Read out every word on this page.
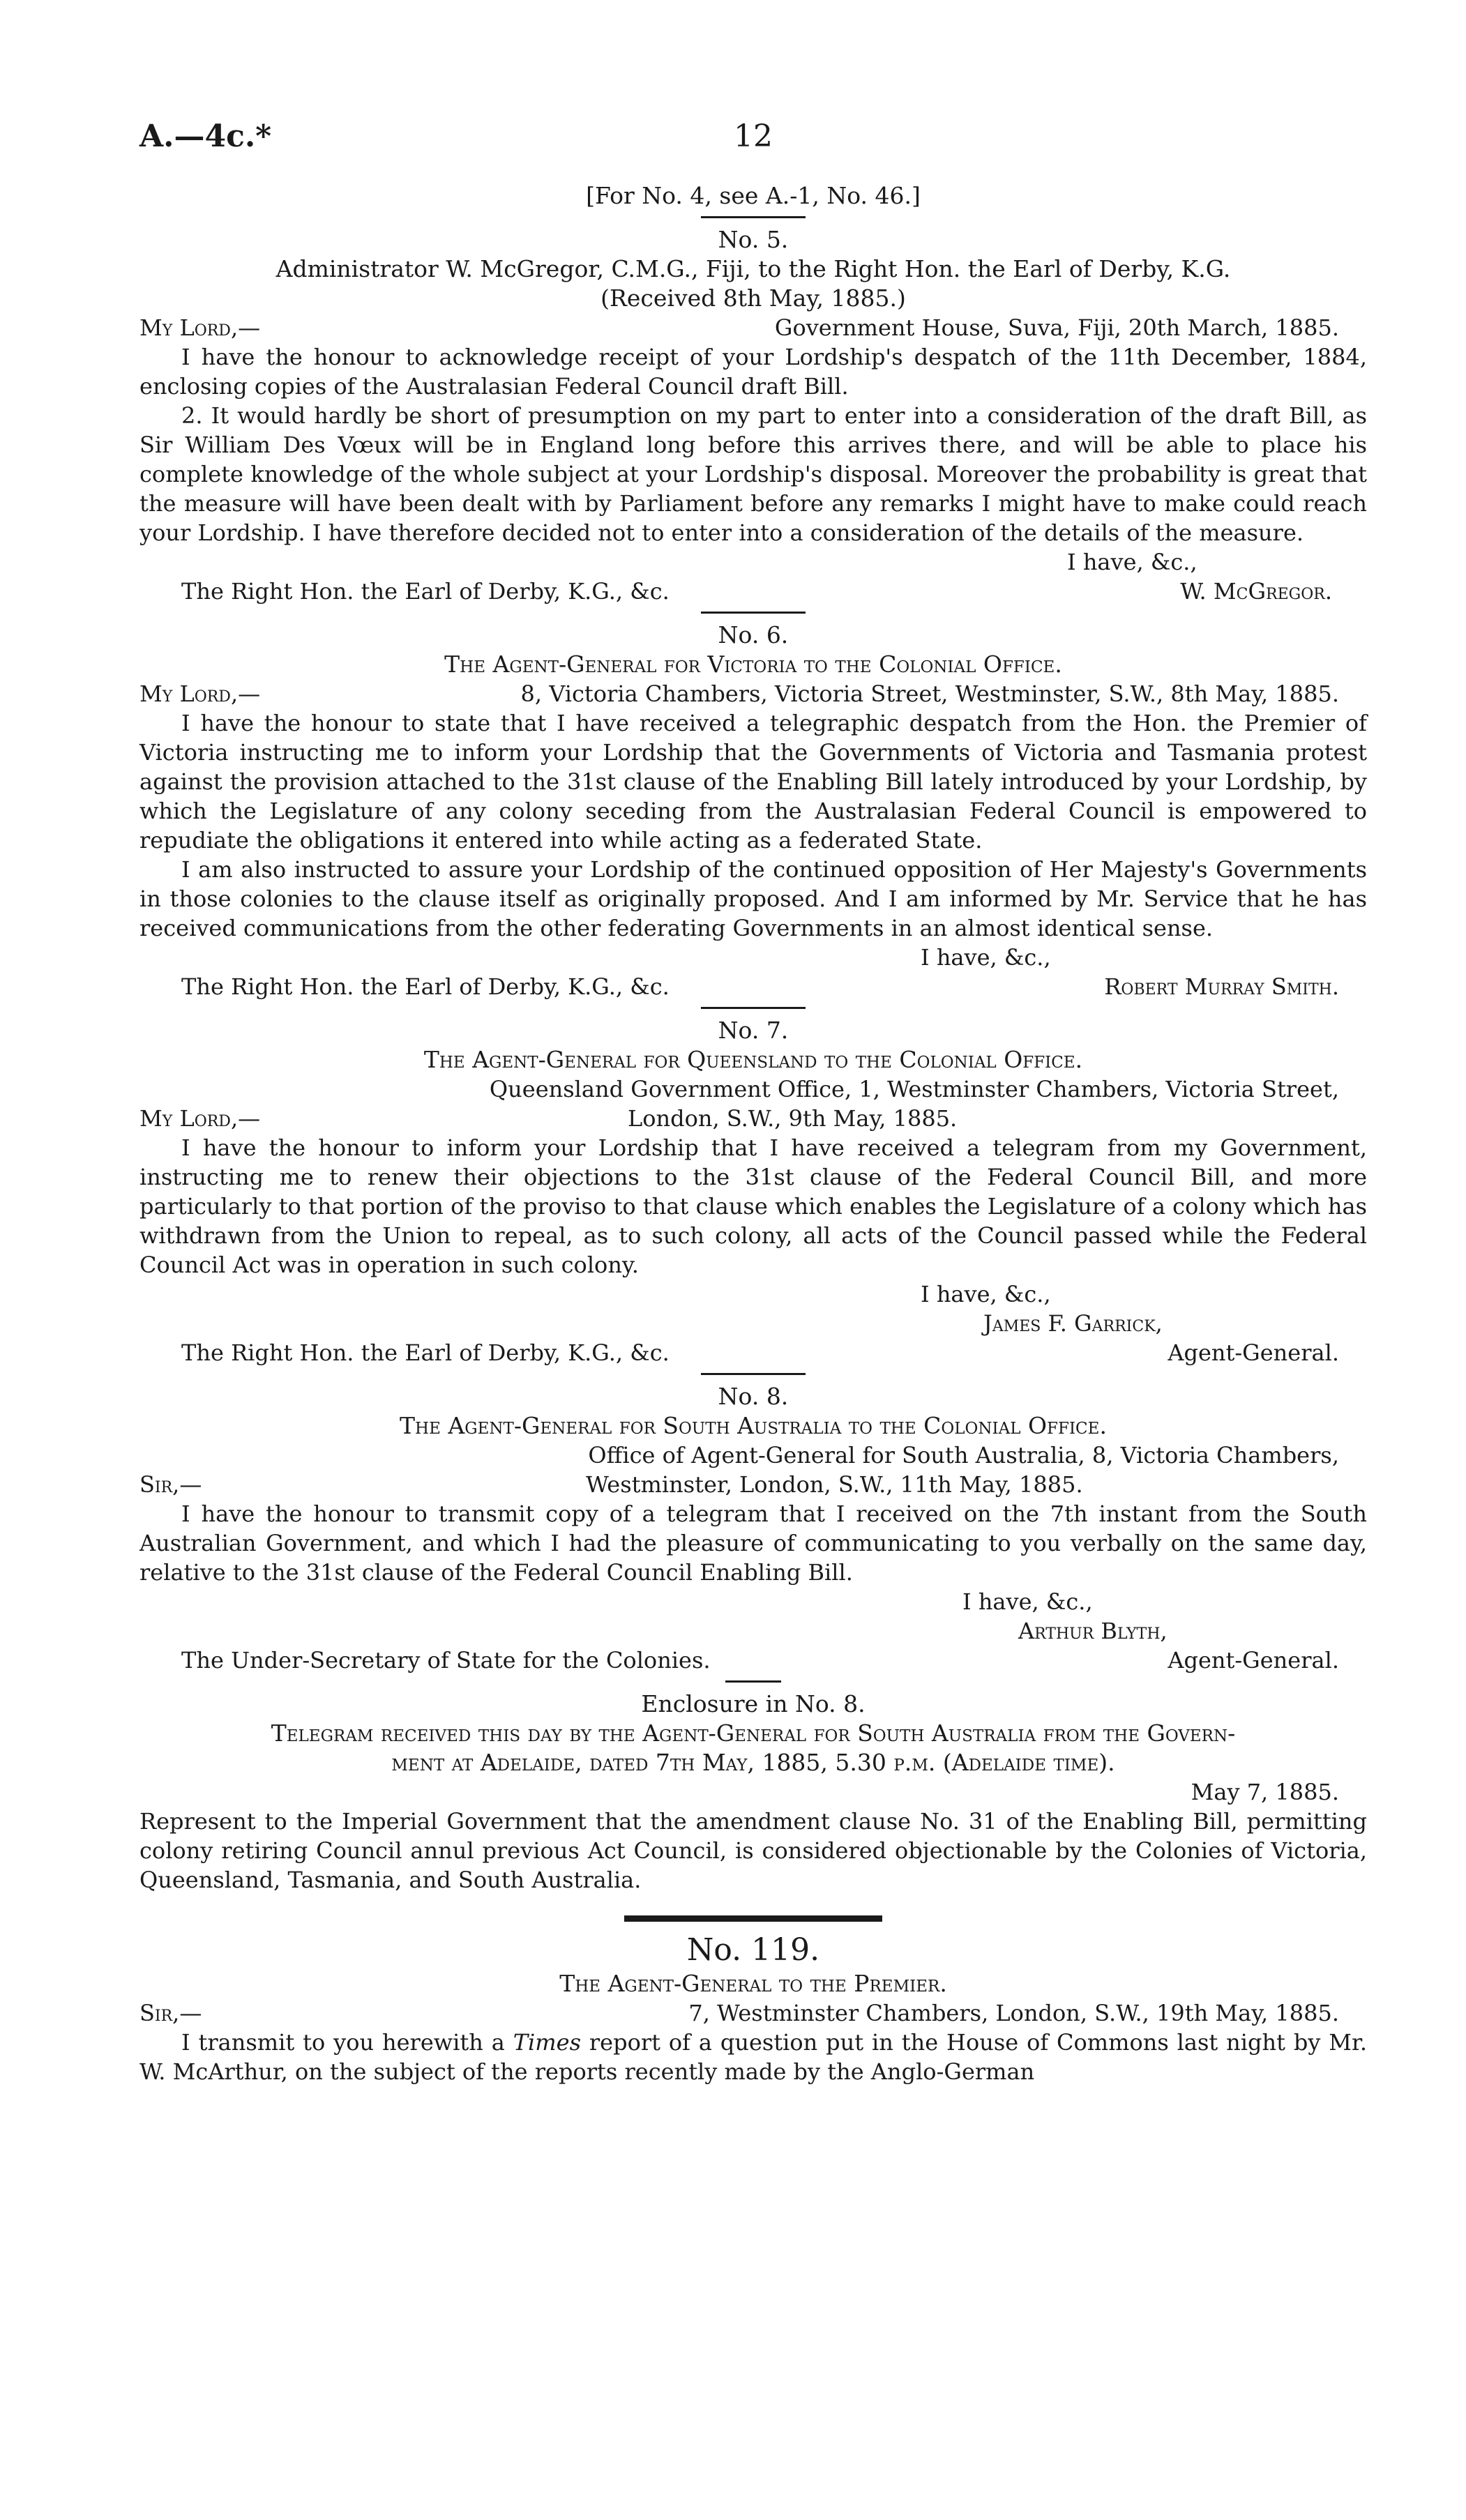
A.—4c.*	12
[For No. 4, see A.-1, No. 46.]
No. 5.
Administrator W. McGregor, C.M.G., Fiji, to the Right Hon. the Earl of Derby, K.G.
(Received 8th May, 1885.)
My Lord,—	Government House, Suva, Fiji, 20th March, 1885.

I have the honour to acknowledge receipt of your Lordship's despatch of the 11th December, 1884, enclosing copies of the Australasian Federal Council draft Bill.

2. It would hardly be short of presumption on my part to enter into a consideration of the draft Bill, as Sir William Des Vœux will be in England long before this arrives there, and will be able to place his complete knowledge of the whole subject at your Lordship's disposal. Moreover the probability is great that the measure will have been dealt with by Parliament before any remarks I might have to make could reach your Lordship. I have therefore decided not to enter into a consideration of the details of the measure.

I have, &c.,
The Right Hon. the Earl of Derby, K.G., &c.	W. McGregor.
No. 6.
The Agent-General for Victoria to the Colonial Office.
My Lord,—	8, Victoria Chambers, Victoria Street, Westminster, S.W., 8th May, 1885.

I have the honour to state that I have received a telegraphic despatch from the Hon. the Premier of Victoria instructing me to inform your Lordship that the Governments of Victoria and Tasmania protest against the provision attached to the 31st clause of the Enabling Bill lately introduced by your Lordship, by which the Legislature of any colony seceding from the Australasian Federal Council is empowered to repudiate the obligations it entered into while acting as a federated State.

I am also instructed to assure your Lordship of the continued opposition of Her Majesty's Governments in those colonies to the clause itself as originally proposed. And I am informed by Mr. Service that he has received communications from the other federating Governments in an almost identical sense.

I have, &c.,
The Right Hon. the Earl of Derby, K.G., &c.	Robert Murray Smith.
No. 7.
The Agent-General for Queensland to the Colonial Office.
Queensland Government Office, 1, Westminster Chambers, Victoria Street,
My Lord,—	London, S.W., 9th May, 1885.

I have the honour to inform your Lordship that I have received a telegram from my Government, instructing me to renew their objections to the 31st clause of the Federal Council Bill, and more particularly to that portion of the proviso to that clause which enables the Legislature of a colony which has withdrawn from the Union to repeal, as to such colony, all acts of the Council passed while the Federal Council Act was in operation in such colony.

I have, &c.,
James F. Garrick,
The Right Hon. the Earl of Derby, K.G., &c.	Agent-General.
No. 8.
The Agent-General for South Australia to the Colonial Office.
Office of Agent-General for South Australia, 8, Victoria Chambers,
Sir,—	Westminster, London, S.W., 11th May, 1885.

I have the honour to transmit copy of a telegram that I received on the 7th instant from the South Australian Government, and which I had the pleasure of communicating to you verbally on the same day, relative to the 31st clause of the Federal Council Enabling Bill.

I have, &c.,
Arthur Blyth,
The Under-Secretary of State for the Colonies.	Agent-General.
Enclosure in No. 8.
Telegram received this day by the Agent-General for South Australia from the Govern-
ment at Adelaide, dated 7th May, 1885, 5.30 p.m. (Adelaide time).
May 7, 1885.

Represent to the Imperial Government that the amendment clause No. 31 of the Enabling Bill, permitting colony retiring Council annul previous Act Council, is considered objectionable by the Colonies of Victoria, Queensland, Tasmania, and South Australia.

No. 119.
The Agent-General to the Premier.
Sir,—	7, Westminster Chambers, London, S.W., 19th May, 1885.

I transmit to you herewith a Times report of a question put in the House of Commons last night by Mr. W. McArthur, on the subject of the reports recently made by the Anglo-German
